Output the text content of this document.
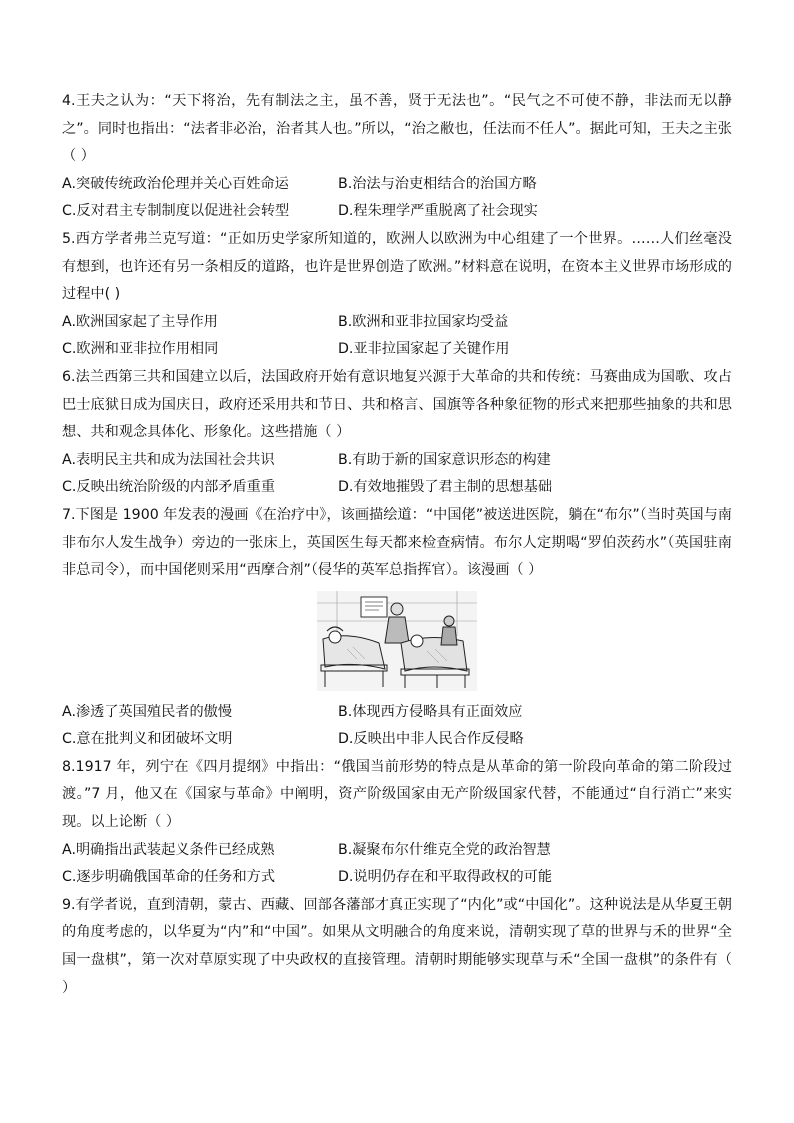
4.王夫之认为：“天下将治，先有制法之主，虽不善，贤于无法也”。“民气之不可使不静，非法而无以静之”。同时也指出：“法者非必治，治者其人也。”所以，“治之敝也，任法而不任人”。据此可知，王夫之主张（ ）

A.突破传统政治伦理并关心百姓命运	B.治法与治吏相结合的治国方略
C.反对君主专制制度以促进社会转型	D.程朱理学严重脱离了社会现实

5.西方学者弗兰克写道：“正如历史学家所知道的，欧洲人以欧洲为中心组建了一个世界。……人们丝毫没有想到，也许还有另一条相反的道路，也许是世界创造了欧洲。”材料意在说明，在资本主义世界市场形成的过程中( )

A.欧洲国家起了主导作用	B.欧洲和亚非拉国家均受益
C.欧洲和亚非拉作用相同	D.亚非拉国家起了关键作用

6.法兰西第三共和国建立以后，法国政府开始有意识地复兴源于大革命的共和传统：马赛曲成为国歌、攻占巴士底狱日成为国庆日，政府还采用共和节日、共和格言、国旗等各种象征物的形式来把那些抽象的共和思想、共和观念具体化、形象化。这些措施（ ）

A.表明民主共和成为法国社会共识	B.有助于新的国家意识形态的构建
C.反映出统治阶级的内部矛盾重重	D.有效地摧毁了君主制的思想基础

7.下图是 1900 年发表的漫画《在治疗中》，该画描绘道：“中国佬”被送进医院，躺在“布尔”（当时英国与南非布尔人发生战争）旁边的一张床上，英国医生每天都来检查病情。布尔人定期喝“罗伯茨药水”（英国驻南非总司令），而中国佬则采用“西摩合剂”（侵华的英军总指挥官）。该漫画（ ）

A.渗透了英国殖民者的傲慢	B.体现西方侵略具有正面效应
C.意在批判义和团破坏文明	D.反映出中非人民合作反侵略

8.1917 年，列宁在《四月提纲》中指出：“俄国当前形势的特点是从革命的第一阶段向革命的第二阶段过渡。”7 月，他又在《国家与革命》中阐明，资产阶级国家由无产阶级国家代替，不能通过“自行消亡”来实现。以上论断（ ）

A.明确指出武装起义条件已经成熟	B.凝聚布尔什维克全党的政治智慧
C.逐步明确俄国革命的任务和方式	D.说明仍存在和平取得政权的可能

9.有学者说，直到清朝，蒙古、西藏、回部各藩部才真正实现了“内化”或“中国化”。这种说法是从华夏王朝的角度考虑的，以华夏为“内”和“中国”。如果从文明融合的角度来说，清朝实现了草的世界与禾的世界“全国一盘棋”，第一次对草原实现了中央政权的直接管理。清朝时期能够实现草与禾“全国一盘棋”的条件有（ ）
